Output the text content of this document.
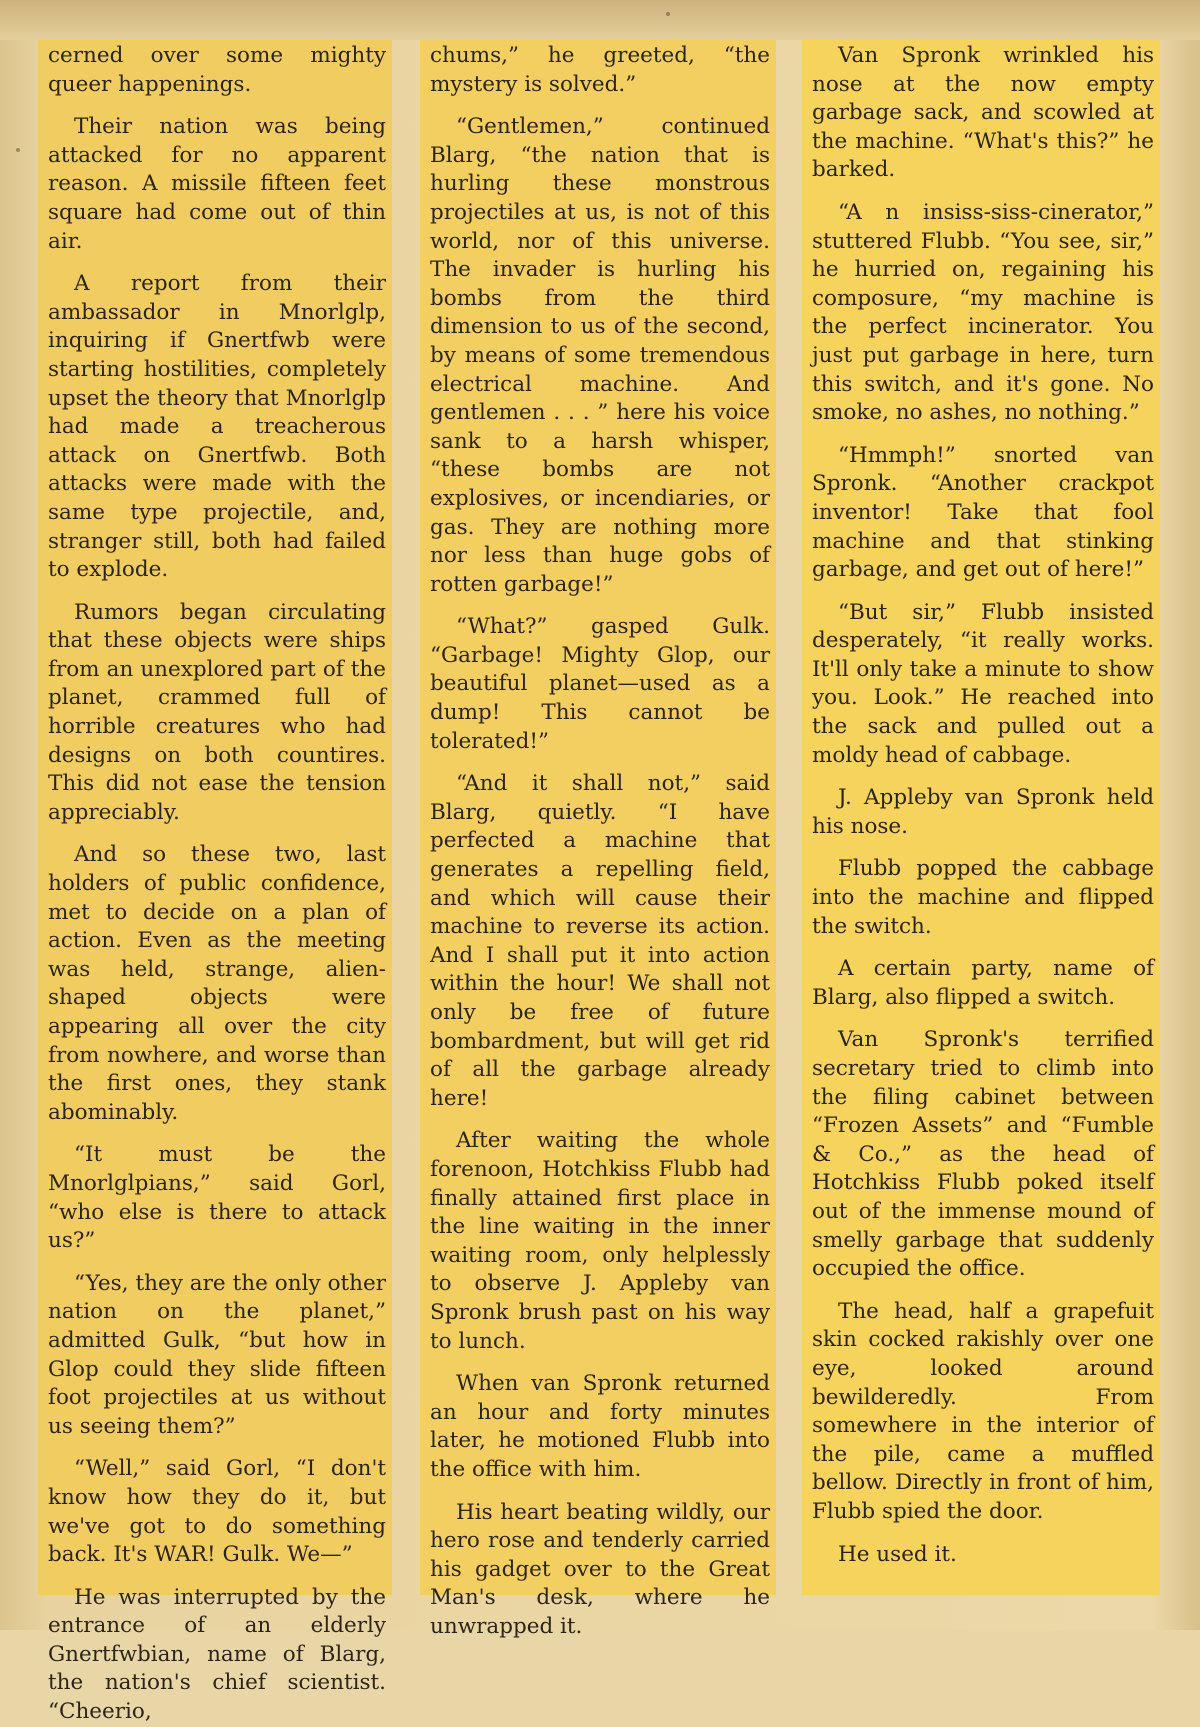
cerned over some mighty queer happenings.

Their nation was being attacked for no apparent reason. A missile fifteen feet square had come out of thin air.

A report from their ambassador in Mnorlglp, inquiring if Gnertfwb were starting hostilities, completely upset the theory that Mnorlglp had made a treacherous attack on Gnertfwb. Both attacks were made with the same type projectile, and, stranger still, both had failed to explode.

Rumors began circulating that these objects were ships from an unexplored part of the planet, crammed full of horrible creatures who had designs on both countires. This did not ease the tension appreciably.

And so these two, last holders of public confidence, met to decide on a plan of action. Even as the meeting was held, strange, alien-shaped objects were appearing all over the city from nowhere, and worse than the first ones, they stank abominably.

“It must be the Mnorlglpians,” said Gorl, “who else is there to attack us?”

“Yes, they are the only other nation on the planet,” admitted Gulk, “but how in Glop could they slide fifteen foot projectiles at us without us seeing them?”

“Well,” said Gorl, “I don't know how they do it, but we've got to do something back. It's WAR! Gulk. We—”

He was interrupted by the entrance of an elderly Gnertfwbian, name of Blarg, the nation's chief scientist. “Cheerio,

chums,” he greeted, “the mystery is solved.”

“Gentlemen,” continued Blarg, “the nation that is hurling these monstrous projectiles at us, is not of this world, nor of this universe. The invader is hurling his bombs from the third dimension to us of the second, by means of some tremendous electrical machine. And gentlemen . . . ” here his voice sank to a harsh whisper, “these bombs are not explosives, or incendiaries, or gas. They are nothing more nor less than huge gobs of rotten garbage!”

“What?” gasped Gulk. “Garbage! Mighty Glop, our beautiful planet—used as a dump! This cannot be tolerated!”

“And it shall not,” said Blarg, quietly. “I have perfected a machine that generates a repelling field, and which will cause their machine to reverse its action. And I shall put it into action within the hour! We shall not only be free of future bombardment, but will get rid of all the garbage already here!

After waiting the whole forenoon, Hotchkiss Flubb had finally attained first place in the line waiting in the inner waiting room, only helplessly to observe J. Appleby van Spronk brush past on his way to lunch.

When van Spronk returned an hour and forty minutes later, he motioned Flubb into the office with him.

His heart beating wildly, our hero rose and tenderly carried his gadget over to the Great Man's desk, where he unwrapped it.

Van Spronk wrinkled his nose at the now empty garbage sack, and scowled at the machine. “What's this?” he barked.

“A n insiss-siss-cinerator,” stuttered Flubb. “You see, sir,” he hurried on, regaining his composure, “my machine is the perfect incinerator. You just put garbage in here, turn this switch, and it's gone. No smoke, no ashes, no nothing.”

“Hmmph!” snorted van Spronk. “Another crackpot inventor! Take that fool machine and that stinking garbage, and get out of here!”

“But sir,” Flubb insisted desperately, “it really works. It'll only take a minute to show you. Look.” He reached into the sack and pulled out a moldy head of cabbage.

J. Appleby van Spronk held his nose.

Flubb popped the cabbage into the machine and flipped the switch.

A certain party, name of Blarg, also flipped a switch.

Van Spronk's terrified secretary tried to climb into the filing cabinet between “Frozen Assets” and “Fumble & Co.,” as the head of Hotchkiss Flubb poked itself out of the immense mound of smelly garbage that suddenly occupied the office.

The head, half a grapefuit skin cocked rakishly over one eye, looked around bewilderedly. From somewhere in the interior of the pile, came a muffled bellow. Directly in front of him, Flubb spied the door.

He used it.
